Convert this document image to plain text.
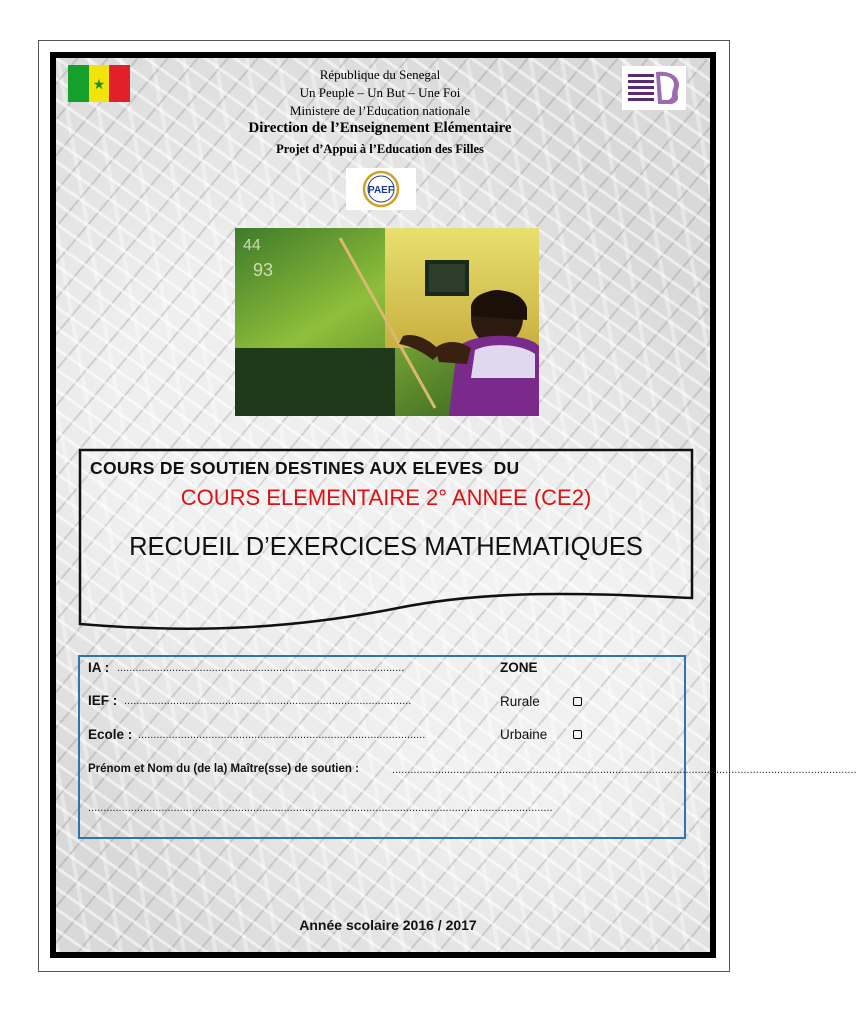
★
République du Senegal
Un Peuple – Un But – Une Foi
Ministere de l’Education nationale
Direction de l’Enseignement Elémentaire
Projet d’Appui à l’Education des Filles
PAEF
44
93
COURS DE SOUTIEN DESTINES AUX ELEVES  DU
COURS ELEMENTAIRE 2° ANNEE (CE2)
RECUEIL D’EXERCICES MATHEMATIQUES
IA : ..............................................................................................
IEF : ..............................................................................................
Ecole : ..............................................................................................
ZONE
Rurale
Urbaine
Prénom et Nom du (de la) Maître(sse) de soutien :	........................................................................................................................................................
........................................................................................................................................................
Année scolaire 2016 / 2017
